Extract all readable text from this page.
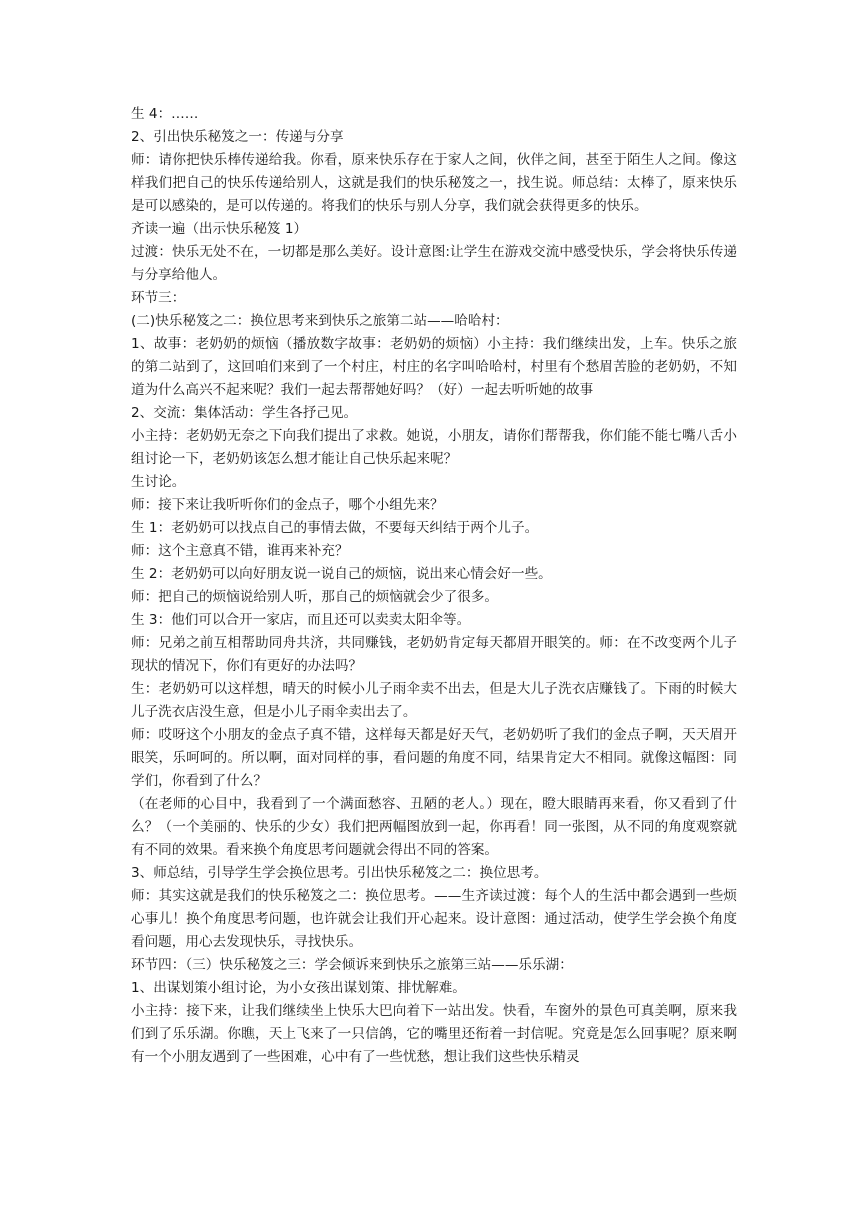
生 4：……

2、引出快乐秘笈之一：传递与分享

师：请你把快乐棒传递给我。你看，原来快乐存在于家人之间，伙伴之间，甚至于陌生人之间。像这样我们把自己的快乐传递给别人，这就是我们的快乐秘笈之一，找生说。师总结：太棒了，原来快乐是可以感染的，是可以传递的。将我们的快乐与别人分享，我们就会获得更多的快乐。

齐读一遍（出示快乐秘笈 1）

过渡：快乐无处不在，一切都是那么美好。设计意图:让学生在游戏交流中感受快乐，学会将快乐传递与分享给他人。

环节三：

(二)快乐秘笈之二：换位思考来到快乐之旅第二站——哈哈村：

1、故事：老奶奶的烦恼（播放数字故事：老奶奶的烦恼）小主持：我们继续出发，上车。快乐之旅的第二站到了，这回咱们来到了一个村庄，村庄的名字叫哈哈村，村里有个愁眉苦脸的老奶奶，不知道为什么高兴不起来呢？我们一起去帮帮她好吗？（好）一起去听听她的故事

2、交流：集体活动：学生各抒己见。

小主持：老奶奶无奈之下向我们提出了求救。她说，小朋友，请你们帮帮我，你们能不能七嘴八舌小组讨论一下，老奶奶该怎么想才能让自己快乐起来呢？

生讨论。

师：接下来让我听听你们的金点子，哪个小组先来？

生 1：老奶奶可以找点自己的事情去做，不要每天纠结于两个儿子。

师：这个主意真不错，谁再来补充？

生 2：老奶奶可以向好朋友说一说自己的烦恼，说出来心情会好一些。

师：把自己的烦恼说给别人听，那自己的烦恼就会少了很多。

生 3：他们可以合开一家店，而且还可以卖卖太阳伞等。

师：兄弟之前互相帮助同舟共济，共同赚钱，老奶奶肯定每天都眉开眼笑的。师：在不改变两个儿子现状的情况下，你们有更好的办法吗？

生：老奶奶可以这样想，晴天的时候小儿子雨伞卖不出去，但是大儿子洗衣店赚钱了。下雨的时候大儿子洗衣店没生意，但是小儿子雨伞卖出去了。

师：哎呀这个小朋友的金点子真不错，这样每天都是好天气，老奶奶听了我们的金点子啊，天天眉开眼笑，乐呵呵的。所以啊，面对同样的事，看问题的角度不同，结果肯定大不相同。就像这幅图：同学们，你看到了什么？

（在老师的心目中，我看到了一个满面愁容、丑陋的老人。）现在，瞪大眼睛再来看，你又看到了什么？（一个美丽的、快乐的少女）我们把两幅图放到一起，你再看！同一张图，从不同的角度观察就有不同的效果。看来换个角度思考问题就会得出不同的答案。

3、师总结，引导学生学会换位思考。引出快乐秘笈之二：换位思考。

师：其实这就是我们的快乐秘笈之二：换位思考。——生齐读过渡：每个人的生活中都会遇到一些烦心事儿！换个角度思考问题，也许就会让我们开心起来。设计意图：通过活动，使学生学会换个角度看问题，用心去发现快乐，寻找快乐。

环节四：（三）快乐秘笈之三：学会倾诉来到快乐之旅第三站——乐乐湖：

1、出谋划策小组讨论，为小女孩出谋划策、排忧解难。

小主持：接下来，让我们继续坐上快乐大巴向着下一站出发。快看，车窗外的景色可真美啊，原来我们到了乐乐湖。你瞧，天上飞来了一只信鸽，它的嘴里还衔着一封信呢。究竟是怎么回事呢？原来啊有一个小朋友遇到了一些困难，心中有了一些忧愁，想让我们这些快乐精灵
